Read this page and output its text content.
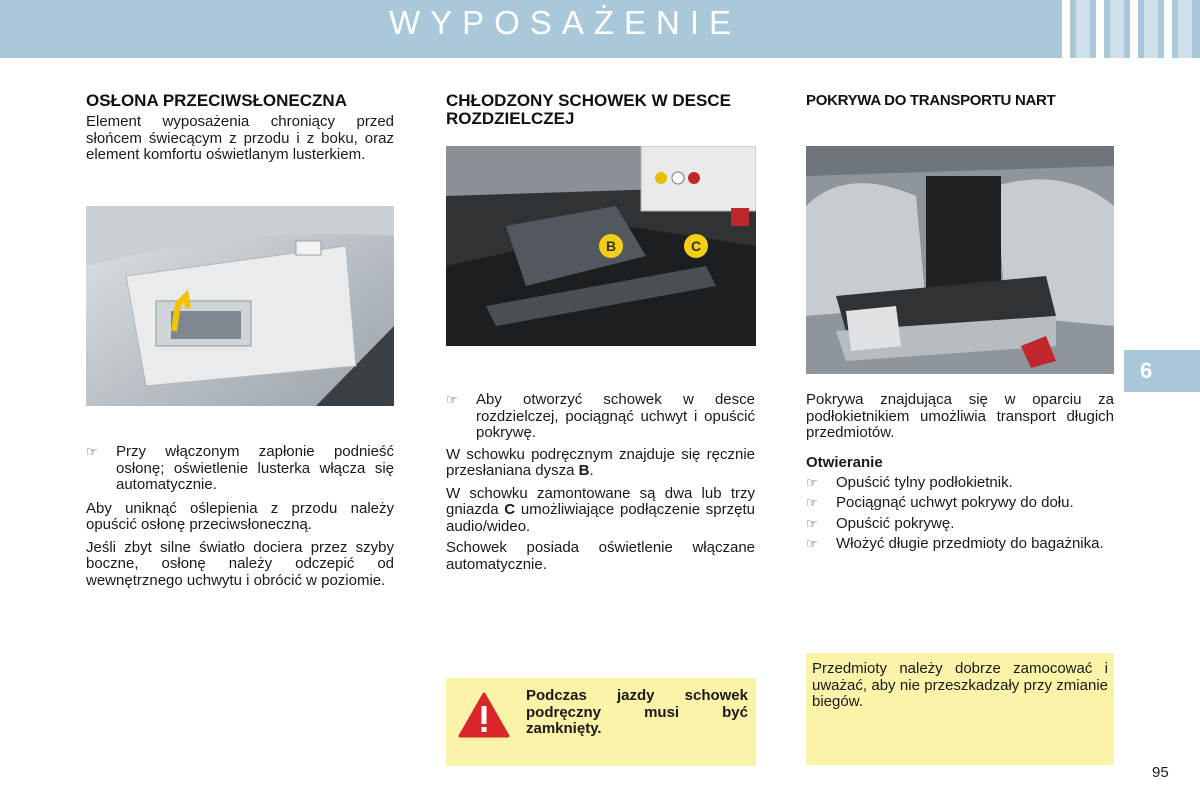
WYPOSAŻENIE
6
OSŁONA PRZECIWSŁONECZNA

Element wyposażenia chroniący przed słońcem świecącym z przodu i z boku, oraz element komfortu oświetlanym lusterkiem.

☞	Przy włączonym zapłonie podnieść osłonę; oświetlenie lusterka włącza się automatycznie.

Aby uniknąć oślepienia z przodu należy opuścić osłonę przeciwsłoneczną.

Jeśli zbyt silne światło dociera przez szyby boczne, osłonę należy odczepić od wewnętrznego uchwytu i obrócić w poziomie.

CHŁODZONY SCHOWEK W DESCE ROZDZIELCZEJ
B	C
☞	Aby otworzyć schowek w desce rozdzielczej, pociągnąć uchwyt i opuścić pokrywę.

W schowku podręcznym znajduje się ręcznie przesłaniana dysza B.

W schowku zamontowane są dwa lub trzy gniazda C umożliwiające podłączenie sprzętu audio/wideo.

Schowek posiada oświetlenie włączane automatycznie.

Podczas jazdy schowek podręczny musi być zamknięty.
POKRYWA DO TRANSPORTU NART

Pokrywa znajdująca się w oparciu za podłokietnikiem umożliwia transport długich przedmiotów.

Otwieranie
☞	Opuścić tylny podłokietnik.
☞	Pociągnąć uchwyt pokrywy do dołu.
☞	Opuścić pokrywę.
☞	Włożyć długie przedmioty do bagażnika.

Przedmioty należy dobrze zamocować i uważać, aby nie przeszkadzały przy zmianie biegów.

95
